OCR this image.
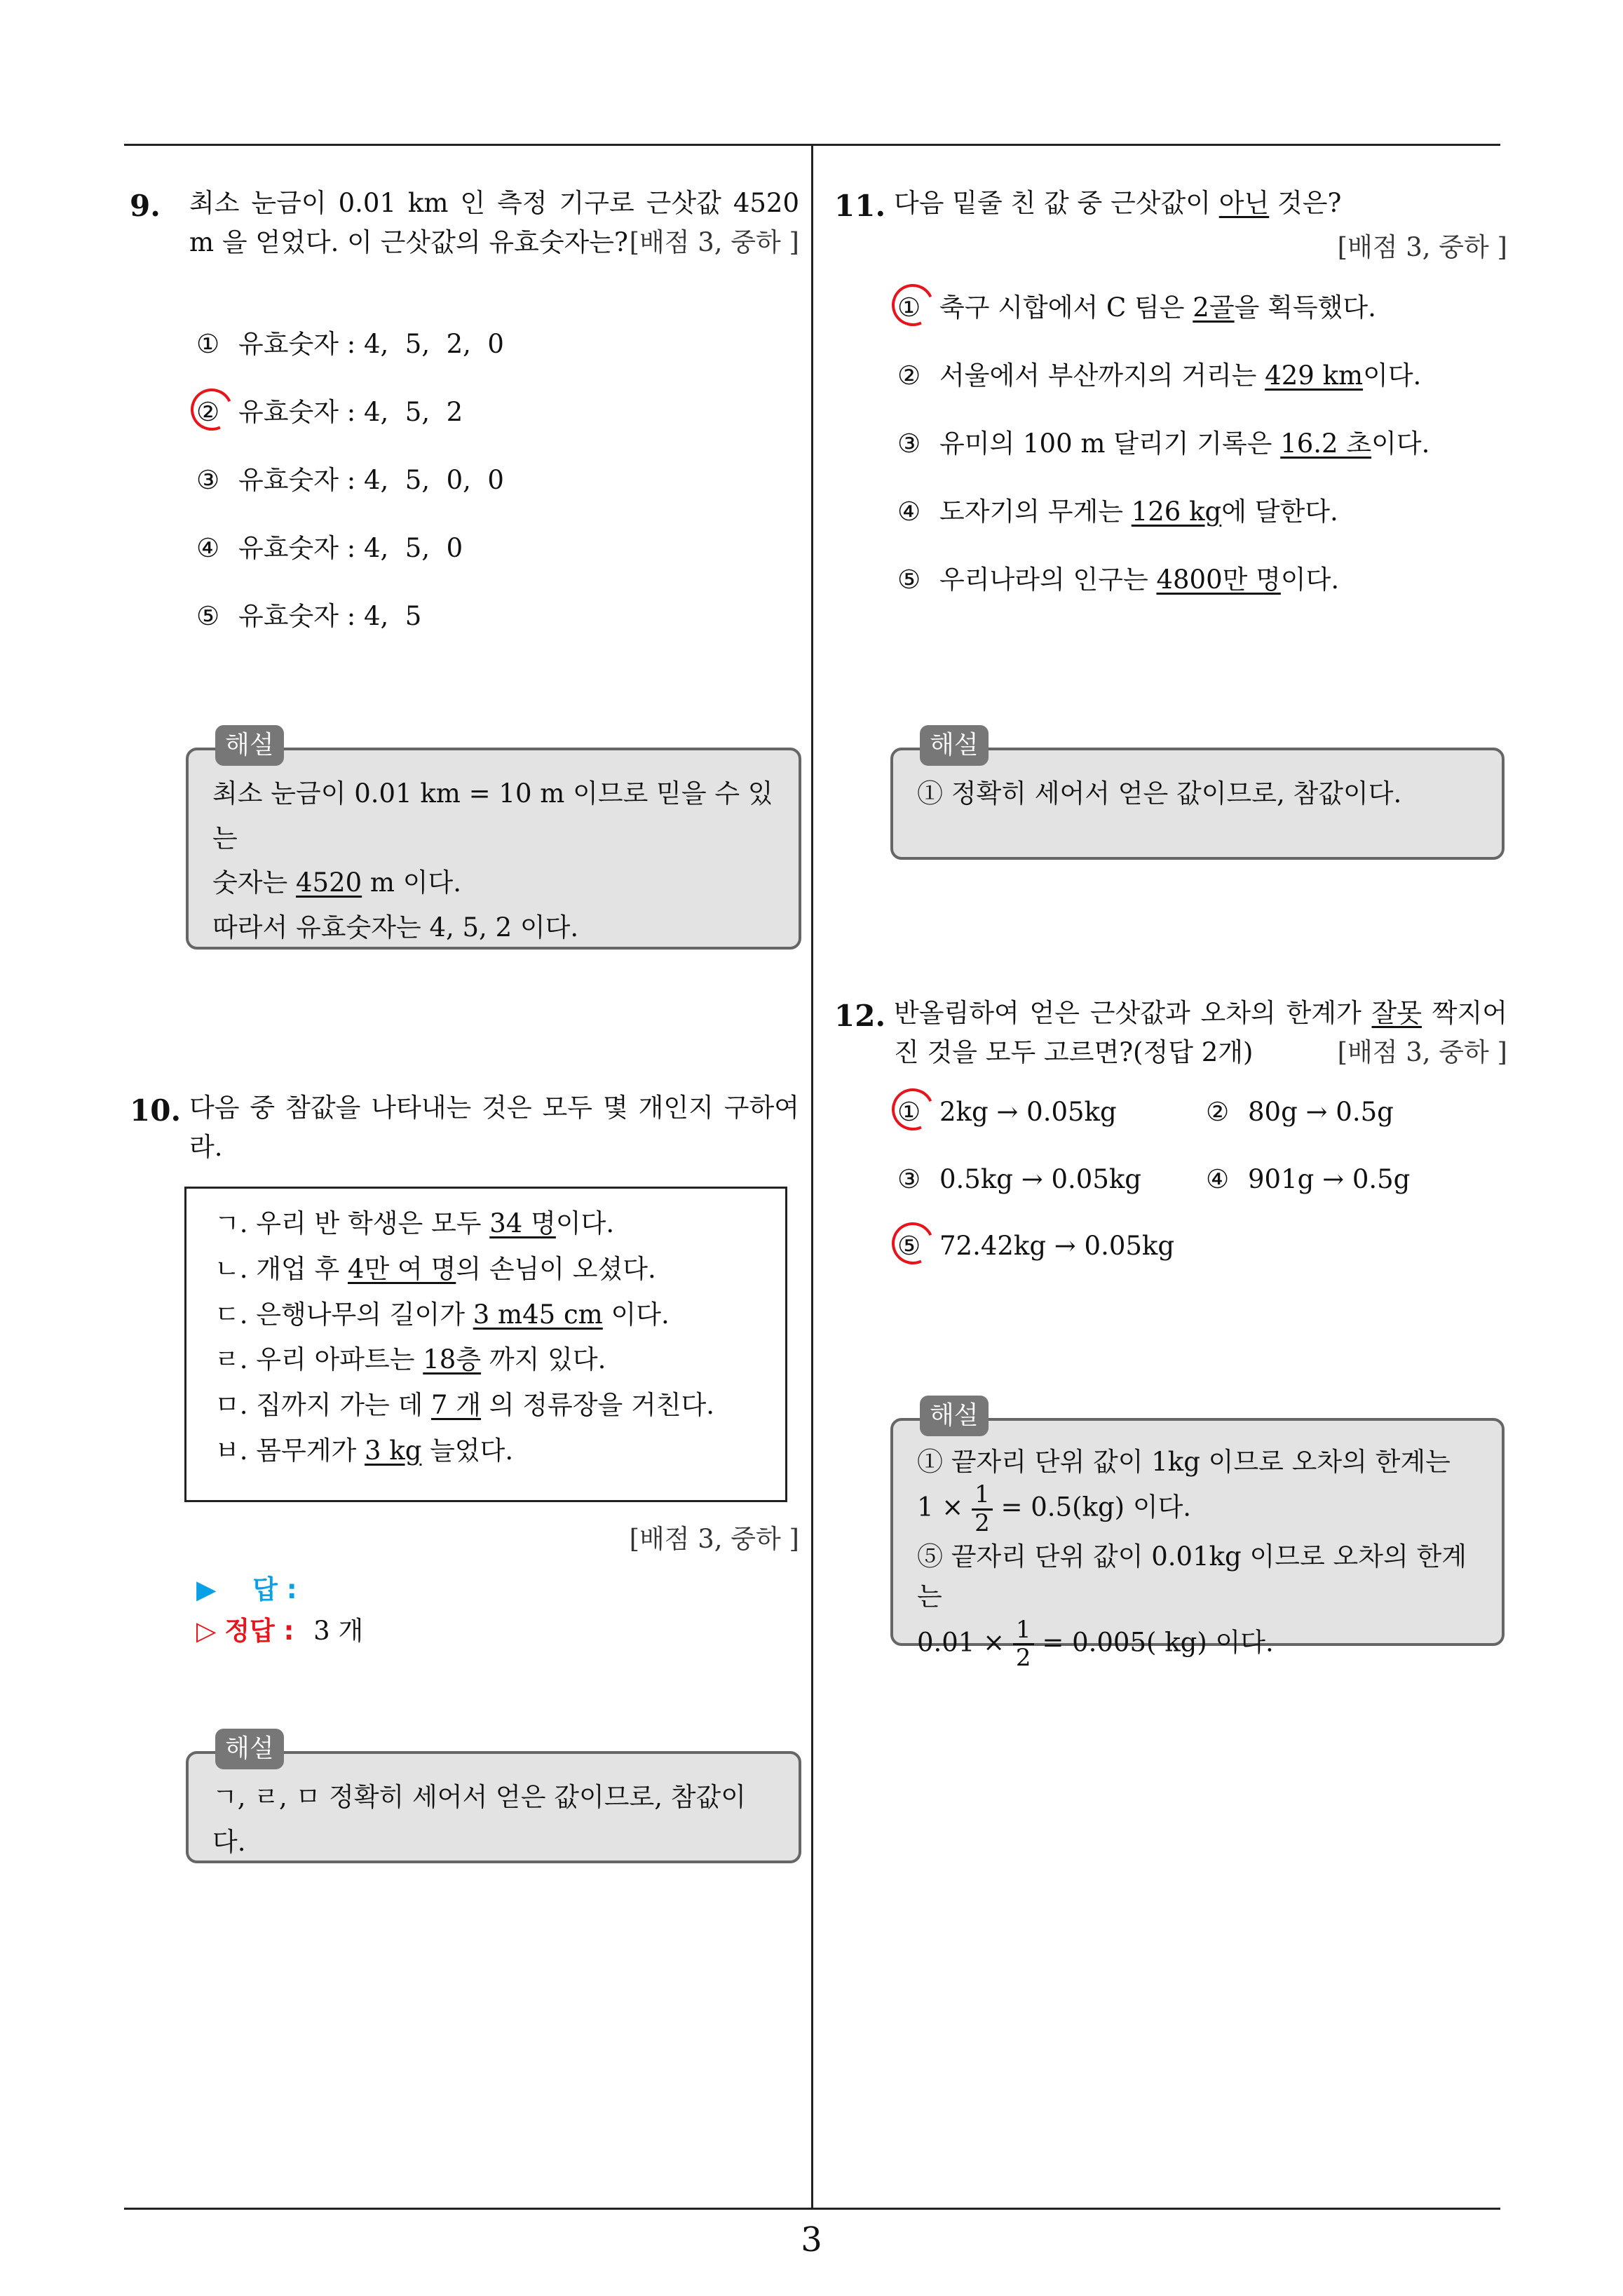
3
9.	최소 눈금이 0.01 km 인 측정 기구로 근삿값 4520 m 을 얻었다. 이 근삿값의 유효숫자는? [배점 3, 중하 ]
① 유효숫자 : 4,  5,  2,  0
② 유효숫자 : 4,  5,  2
③ 유효숫자 : 4,  5,  0,  0
④ 유효숫자 : 4,  5,  0
⑤ 유효숫자 : 4,  5
해설
최소 눈금이 0.01 km = 10 m 이므로 믿을 수 있는
숫자는 4520 m 이다.
따라서 유효숫자는 4, 5, 2 이다.
10. 다음 중 참값을 나타내는 것은 모두 몇 개인지 구하여라.
ㄱ. 우리 반 학생은 모두 34 명이다.
ㄴ. 개업 후 4만 여 명의 손님이 오셨다.
ㄷ. 은행나무의 길이가 3 m45 cm 이다.
ㄹ. 우리 아파트는 18층 까지 있다.
ㅁ. 집까지 가는 데 7 개 의 정류장을 거친다.
ㅂ. 몸무게가 3 kg 늘었다.
[배점 3, 중하 ]
▶ 답 :
▷ 정답 : 3 개
해설
ㄱ, ㄹ, ㅁ 정확히 세어서 얻은 값이므로, 참값이다.
11. 다음 밑줄 친 값 중 근삿값이 아닌 것은?
[배점 3, 중하 ]
① 축구 시합에서 C 팀은 2골을 획득했다.
② 서울에서 부산까지의 거리는 429 km이다.
③ 유미의 100 m 달리기 기록은 16.2 초이다.
④ 도자기의 무게는 126 kg에 달한다.
⑤ 우리나라의 인구는 4800만 명이다.
해설
① 정확히 세어서 얻은 값이므로, 참값이다.
12. 반올림하여 얻은 근삿값과 오차의 한계가 잘못 짝지어 진 것을 모두 고르면?(정답 2개)	[배점 3, 중하 ]
① 2kg → 0.05kg	② 80g → 0.5g
③ 0.5kg → 0.05kg ④ 901g → 0.5g
⑤ 72.42kg → 0.05kg
해설
① 끝자리 단위 값이 1kg 이므로 오차의 한계는
$1 \times \frac{1}{2} = 0.5(kg)$ 이다.
⑤ 끝자리 단위 값이 0.01kg 이므로 오차의 한계는
$0.01 \times \frac{1}{2} = 0.005$( kg) 이다.
